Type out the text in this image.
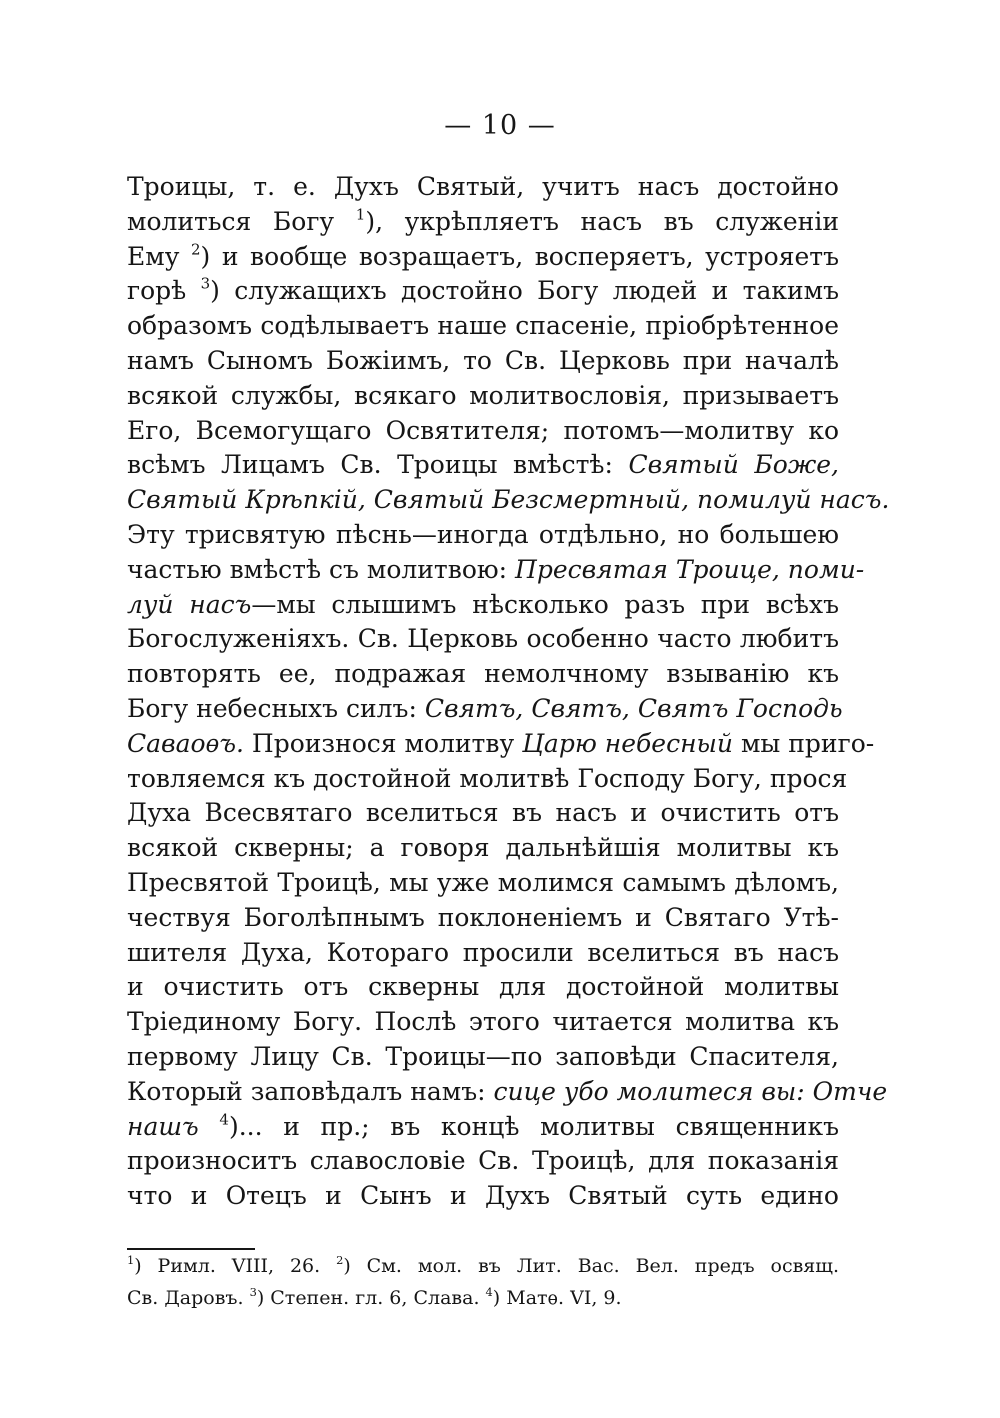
— 10 —
Троицы, т. е. Духъ Святый, учитъ насъ достойно
молиться Богу $^1$), укрѣпляетъ насъ въ служенiи
Ему $^2$) и вообще возращаетъ, воспеpяетъ, устрояетъ
горѣ $^3$) служащихъ достойно Богу людей и такимъ
образомъ содѣлываетъ наше спасенiе, прiобрѣтенное
намъ Сыномъ Божiимъ, то Св. Церковь при началѣ
всякой службы, всякаго молитвословiя, призываетъ
Его, Всемогущаго Освятителя; потомъ—молитву ко
всѣмъ Лицамъ Св. Троицы вмѣстѣ: Святый Боже,
Святый Крѣпкiй, Святый Безсмертный, помилуй насъ.
Эту трисвятую пѣснь—иногда отдѣльно, но большею
частью вмѣстѣ съ молитвою: Пресвятая Троице, поми-
луй насъ—мы слышимъ нѣсколько разъ при всѣхъ
Богослуженiяхъ. Св. Церковь особенно часто любитъ
повторять ее, подражая немолчному взыванiю къ
Богу небесныхъ силъ: Святъ, Святъ, Святъ Господь
Саваоѳъ. Произнося молитву Царю небесный мы приго-
товляемся къ достойной молитвѣ Господу Богу, прося
Духа Всесвятаго вселиться въ насъ и очистить отъ
всякой скверны; а говоря дальнѣйшiя молитвы къ
Пресвятой Троицѣ, мы уже молимся самымъ дѣломъ,
чествуя Боголѣпнымъ поклоненiемъ и Святаго Утѣ-
шителя Духа, Котораго просили вселиться въ насъ
и очистить отъ скверны для достойной молитвы
Трiединому Богу. Послѣ этого читается молитва къ
первому Лицу Св. Троицы—по заповѣди Спасителя,
Который заповѣдалъ намъ: сице убо молитеся вы: Отче
нашъ $^4$)... и пр.; въ концѣ молитвы священникъ
произноситъ славословiе Св. Троицѣ, для показанiя
что и Отецъ и Сынъ и Духъ Святый суть едино
$^1$) Римл. VIII, 26. $^2$) См. мол. въ Лит. Вас. Вел. предъ освящ.
Св. Даровъ. $^3$) Степен. гл. 6, Слава. $^4$) Матѳ. VI, 9.
